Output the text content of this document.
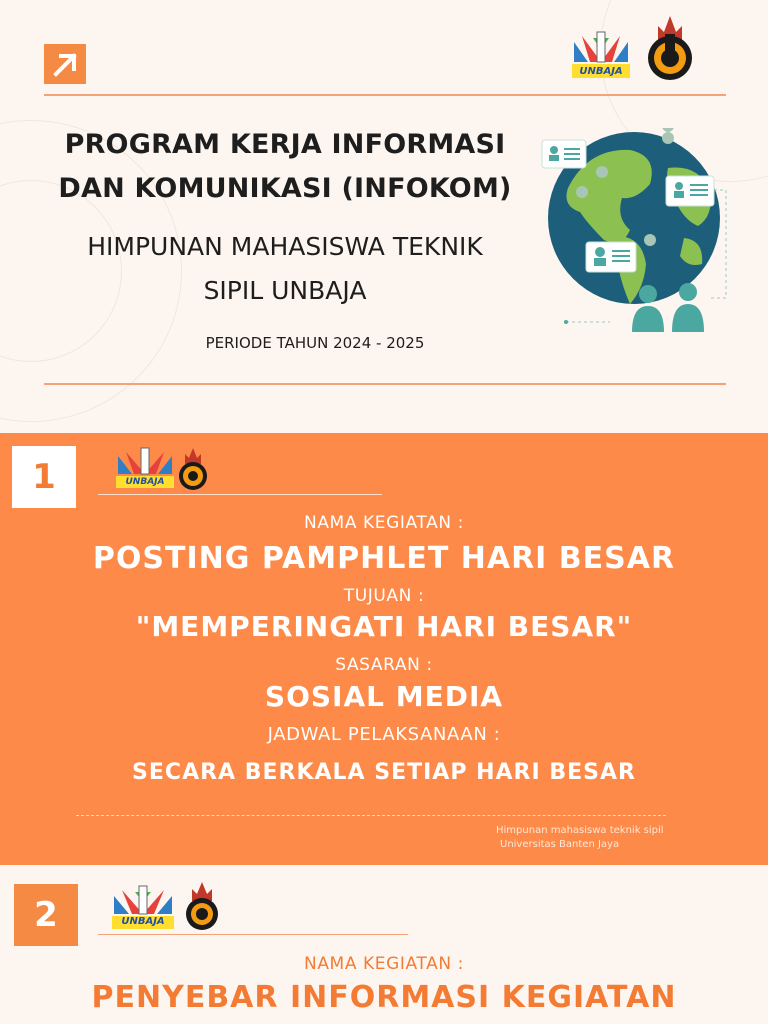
UNBAJA
PROGRAM KERJA INFORMASI
DAN KOMUNIKASI (INFOKOM)
HIMPUNAN MAHASISWA TEKNIK
SIPIL UNBAJA
PERIODE TAHUN 2024 - 2025
1	UNBAJA
NAMA KEGIATAN :
POSTING PAMPHLET HARI BESAR
TUJUAN :
"MEMPERINGATI HARI BESAR"
SASARAN :
SOSIAL MEDIA
JADWAL PELAKSANAAN :
SECARA BERKALA SETIAP HARI BESAR
Himpunan mahasiswa teknik sipil
Universitas Banten Jaya
2	UNBAJA
NAMA KEGIATAN :
PENYEBAR INFORMASI KEGIATAN
